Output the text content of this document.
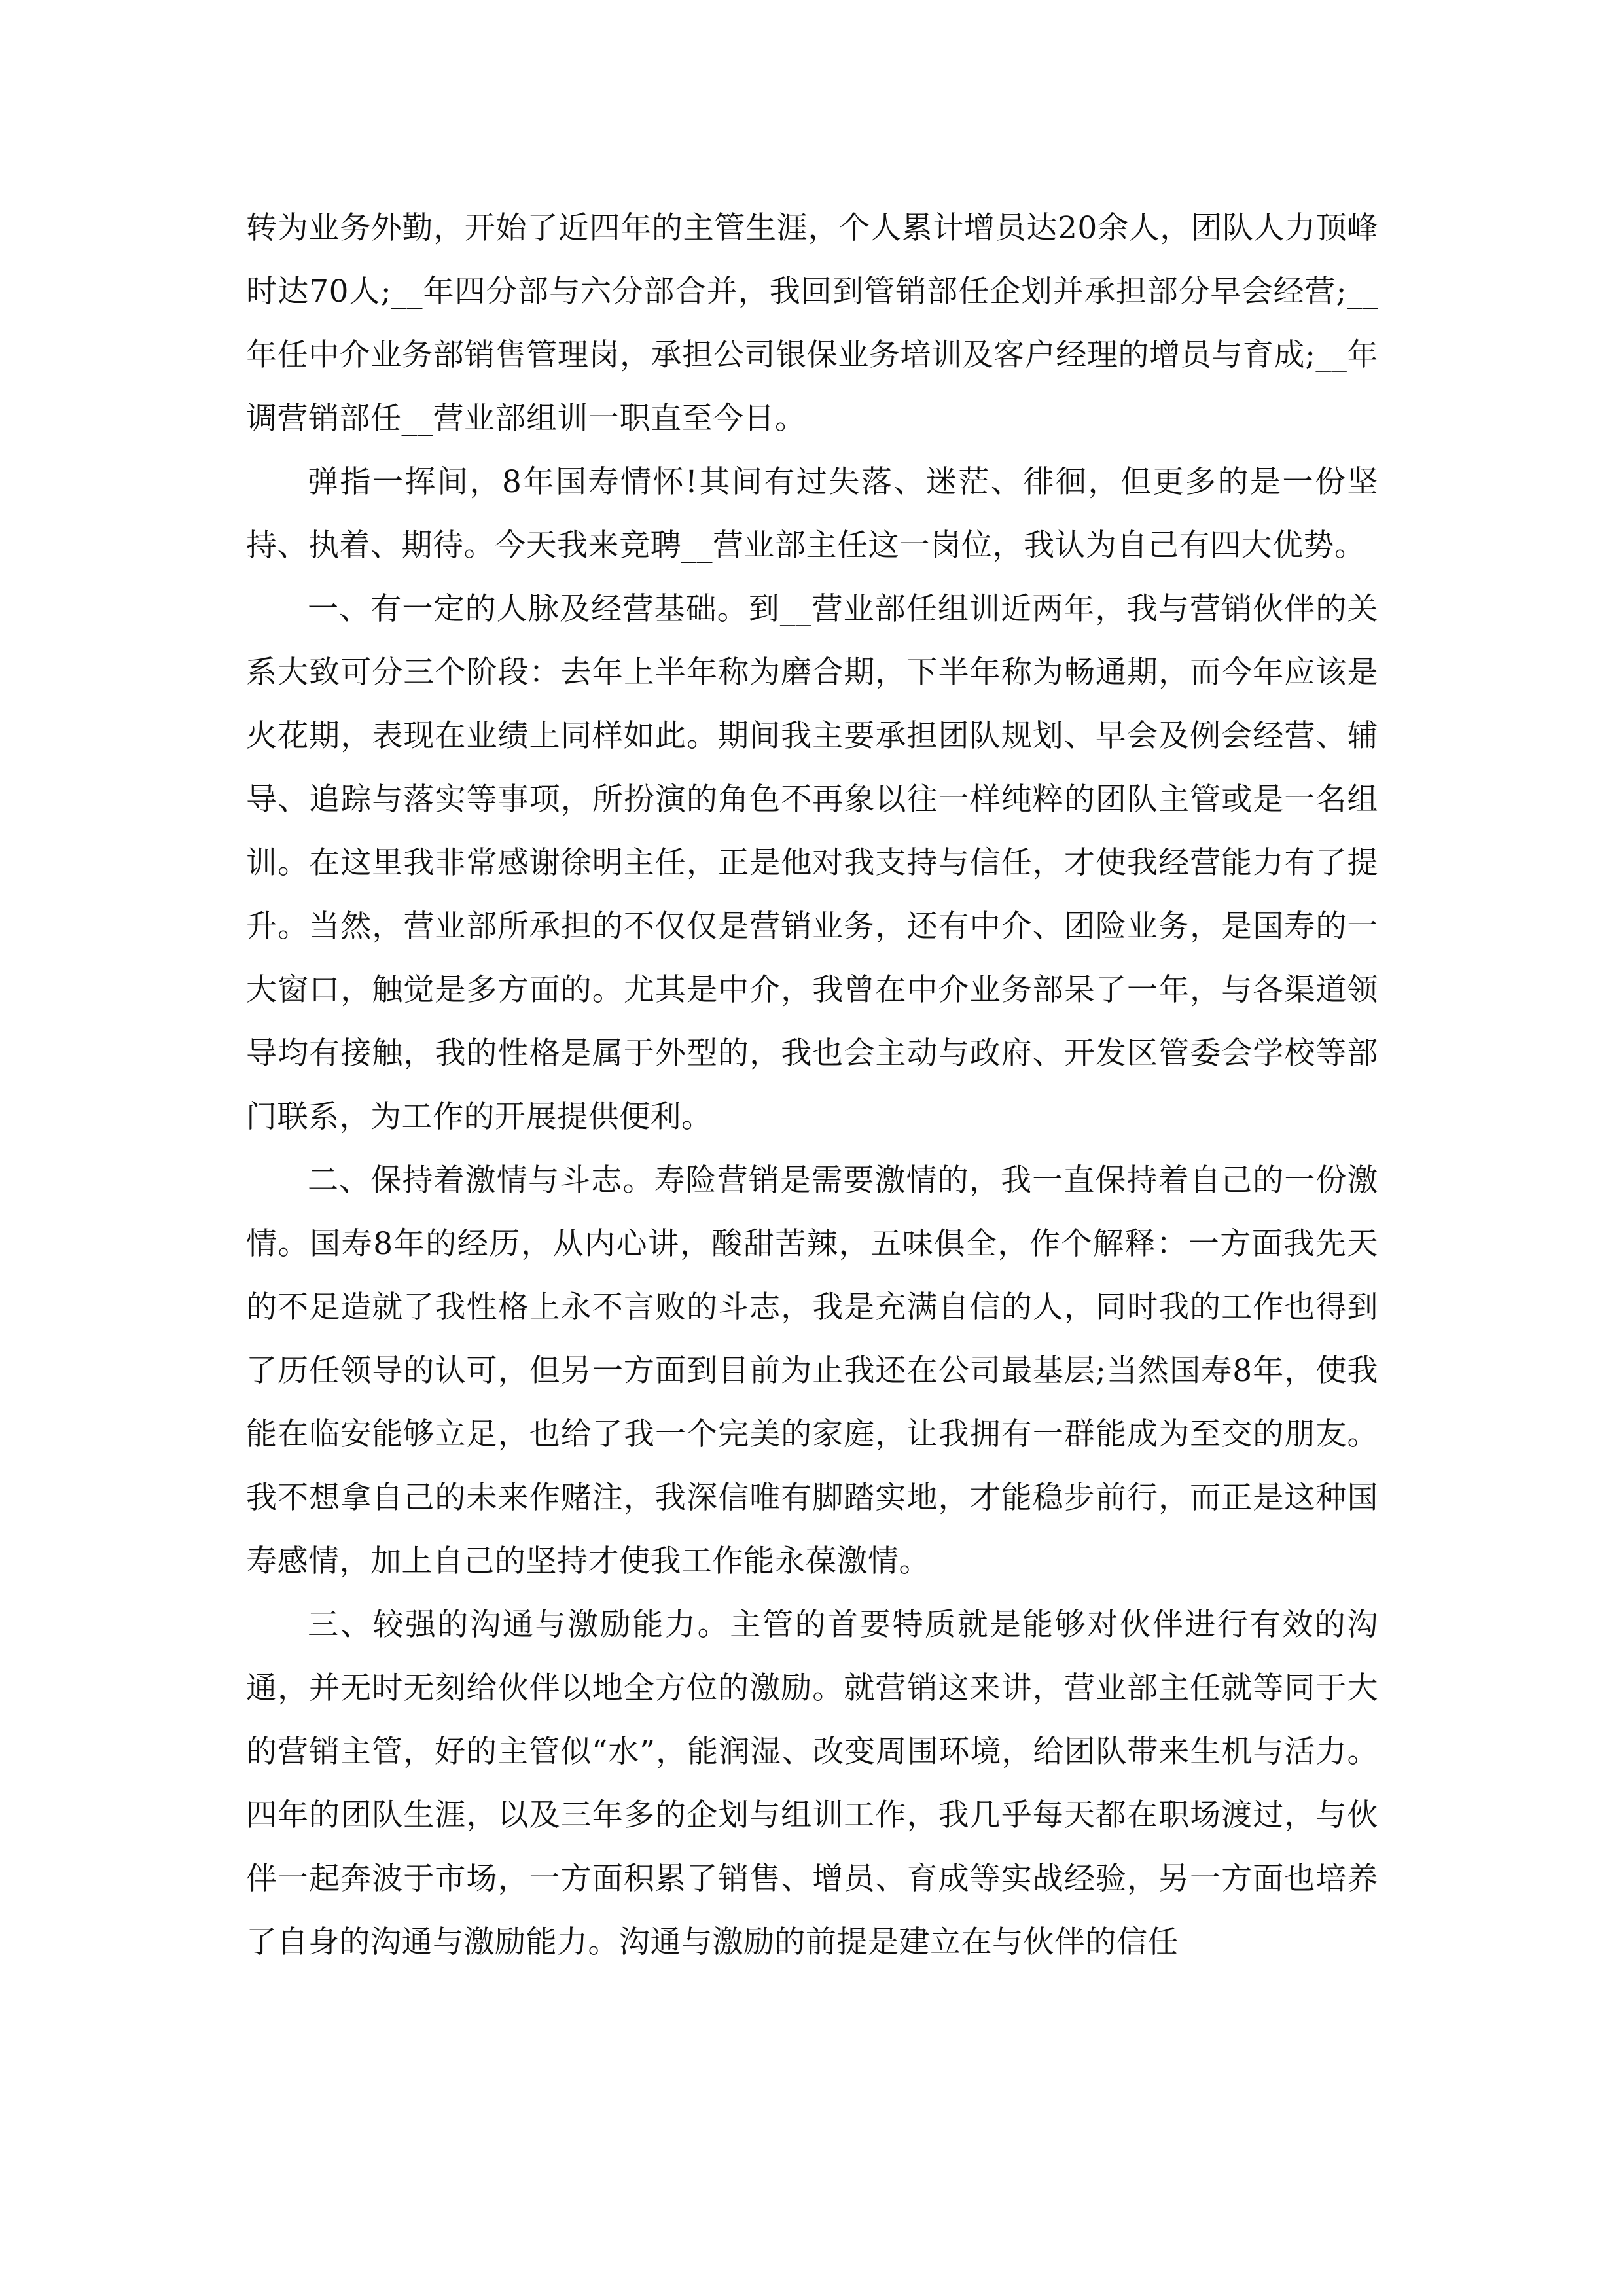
转为业务外勤，开始了近四年的主管生涯，个人累计增员达20余人，团队人力顶峰时达70人;__年四分部与六分部合并，我回到管销部任企划并承担部分早会经营;__年任中介业务部销售管理岗，承担公司银保业务培训及客户经理的增员与育成;__年调营销部任__营业部组训一职直至今日。

弹指一挥间，8年国寿情怀!其间有过失落、迷茫、徘徊，但更多的是一份坚持、执着、期待。今天我来竞聘__营业部主任这一岗位，我认为自己有四大优势。

一、有一定的人脉及经营基础。到__营业部任组训近两年，我与营销伙伴的关系大致可分三个阶段：去年上半年称为磨合期，下半年称为畅通期，而今年应该是火花期，表现在业绩上同样如此。期间我主要承担团队规划、早会及例会经营、辅导、追踪与落实等事项，所扮演的角色不再象以往一样纯粹的团队主管或是一名组训。在这里我非常感谢徐明主任，正是他对我支持与信任，才使我经营能力有了提升。当然，营业部所承担的不仅仅是营销业务，还有中介、团险业务，是国寿的一大窗口，触觉是多方面的。尤其是中介，我曾在中介业务部呆了一年，与各渠道领导均有接触，我的性格是属于外型的，我也会主动与政府、开发区管委会学校等部门联系，为工作的开展提供便利。

二、保持着激情与斗志。寿险营销是需要激情的，我一直保持着自己的一份激情。国寿8年的经历，从内心讲，酸甜苦辣，五味俱全，作个解释：一方面我先天的不足造就了我性格上永不言败的斗志，我是充满自信的人，同时我的工作也得到了历任领导的认可，但另一方面到目前为止我还在公司最基层;当然国寿8年，使我能在临安能够立足，也给了我一个完美的家庭，让我拥有一群能成为至交的朋友。我不想拿自己的未来作赌注，我深信唯有脚踏实地，才能稳步前行，而正是这种国寿感情，加上自己的坚持才使我工作能永葆激情。

三、较强的沟通与激励能力。主管的首要特质就是能够对伙伴进行有效的沟通，并无时无刻给伙伴以地全方位的激励。就营销这来讲，营业部主任就等同于大的营销主管，好的主管似“水”，能润湿、改变周围环境，给团队带来生机与活力。四年的团队生涯，以及三年多的企划与组训工作，我几乎每天都在职场渡过，与伙伴一起奔波于市场，一方面积累了销售、增员、育成等实战经验，另一方面也培养了自身的沟通与激励能力。沟通与激励的前提是建立在与伙伴的信任
